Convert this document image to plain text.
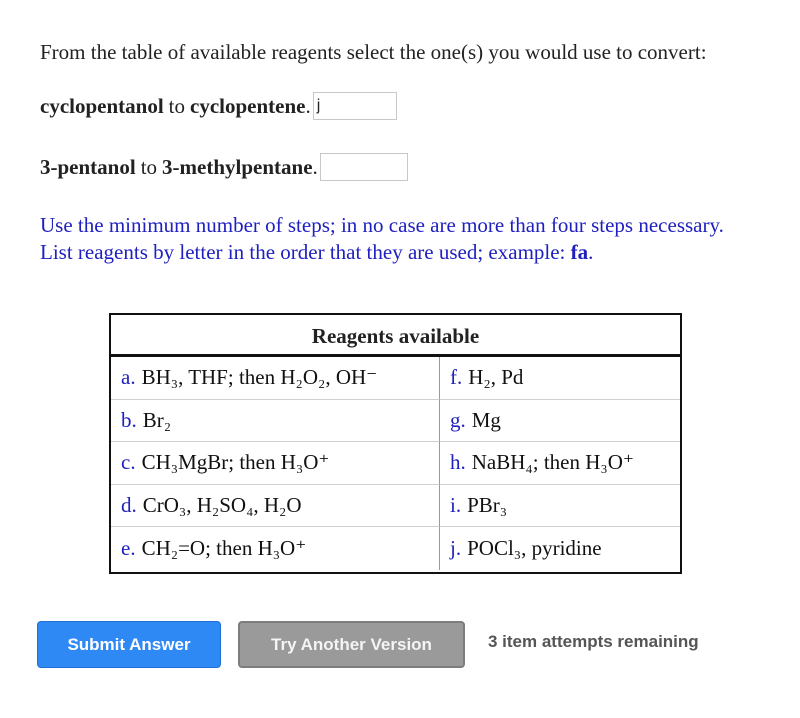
From the table of available reagents select the one(s) you would use to convert:
cyclopentanol to cyclopentene . j
3-pentanol to 3-methylpentane .
Use the minimum number of steps; in no case are more than four steps necessary.
List reagents by letter in the order that they are used; example: fa.
Reagents available
a. BH₃, THF; then H₂O₂, OH⁻	f. H₂, Pd
b. Br₂	g. Mg
c. CH₃MgBr; then H₃O⁺	h. NaBH₄; then H₃O⁺
d. CrO₃, H₂SO₄, H₂O	i. PBr₃
e. CH₂=O; then H₃O⁺	j. POCl₃, pyridine
Submit Answer	Try Another Version	3 item attempts remaining
